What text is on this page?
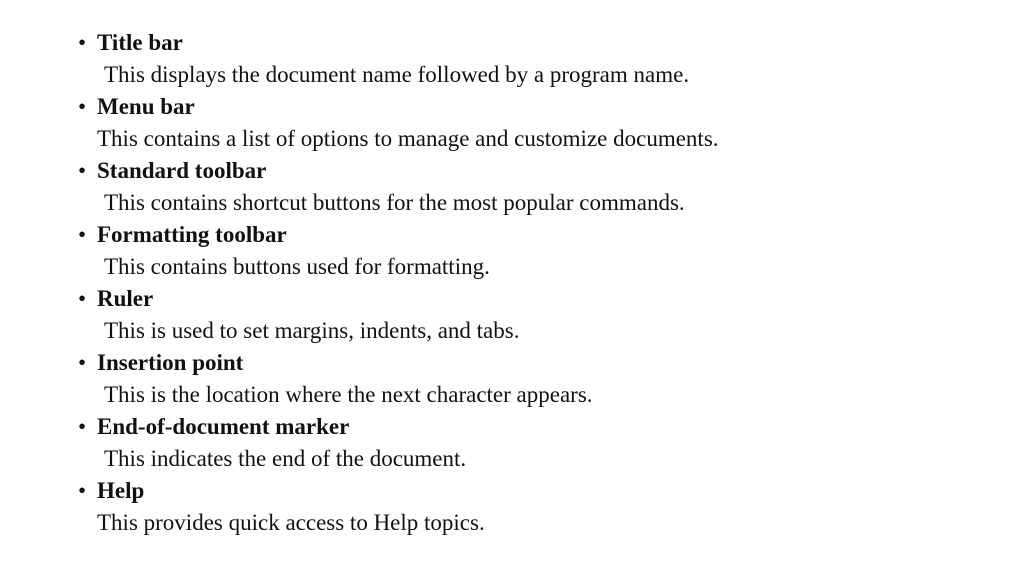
• Title bar
This displays the document name followed by a program name.
• Menu bar
This contains a list of options to manage and customize documents.
• Standard toolbar
This contains shortcut buttons for the most popular commands.
• Formatting toolbar
This contains buttons used for formatting.
• Ruler
This is used to set margins, indents, and tabs.
• Insertion point
This is the location where the next character appears.
• End-of-document marker
This indicates the end of the document.
• Help
This provides quick access to Help topics.
